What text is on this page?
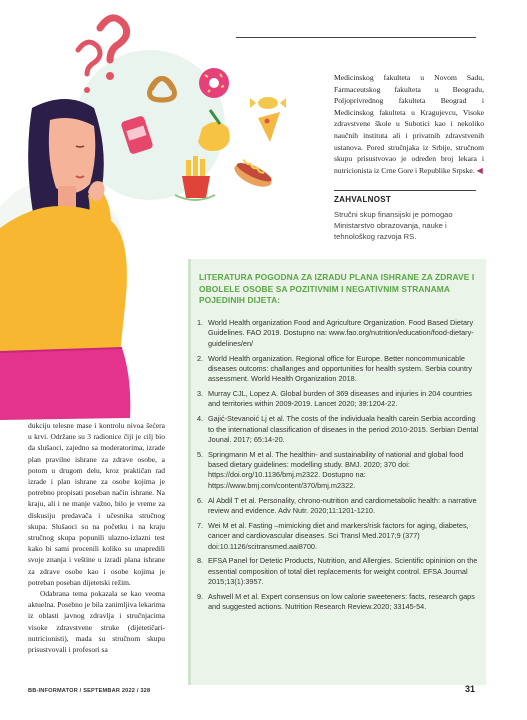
Medicinskog fakulteta u Novom Sadu, Farmaceutskog fakulteta u Beogradu, Poljoprivrednog fakulteta Beograd i Medicinskog fakulteta u Kragujevcu, Visoke zdravstvene škole u Subotici kao i nekoliko naučnih instituta ali i privatnih zdravstvenih ustanova. Pored stručnjaka iz Srbije, stručnom skupu prisustvovao je određen broj lekara i nutricionista iz Crne Gore i Republike Srpske. ◀
ZAHVALNOST
Stručni skup finansijski je pomogao Ministarstvo obrazovanja, nauke i tehnološkog razvoja RS.
LITERATURA POGODNA ZA IZRADU PLANA ISHRANE ZA ZDRAVE I OBOLELE OSOBE SA POZITIVNIM I NEGATIVNIM STRANAMA POJEDINIH DIJETA:
1. World Health organization Food and Agriculture Organization. Food Based Dietary Guidelines. FAO 2019. Dostupno na: www.fao.org/nutrition/education/food-dietary-guidelines/en/
2. World Health organization. Regional office for Europe. Better noncommunicable diseases outcoms: challanges and opportunities for health system. Serbia country assessment. World Health Organization 2018.
3. Murray CJL, Lopez A. Global burden of 369 diseases and injuries in 204 countries and territories within 2009-2019. Lancet 2020; 39:1204-22.
4. Gajić-Stevanoić Lj et al. The costs of the individuala health carein Serbia according to the international classification of diseaes in the period 2010-2015. Serbian Dental Jounal. 2017; 65:14-20.
5. Springmann M et al. The healthin- and sustainability of national and global food based dietary guidelines: modelling study. BMJ. 2020; 370 doi: https://doi.org/10.1136/bmj.m2322. Dostupno na: https://www.bmj.com/content/370/bmj.m2322.
6. Al Abdil T et al. Personality, chrono-nutrition and cardiometabolic health: a narrative review and evidence. Adv Nutr. 2020;11:1201-1210.
7. Wei M et al. Fasting –mimicking diet and markers/risk factors for aging, diabetes, cancer and cardiovascular diseases. Sci Transl Med.2017;9 (377) doi:10.1126/scitransmed.aai8700.
8. EFSA Panel for Detetic Products, Nutrition, and Allergies. Scientific opininion on the essential composition of total diet replacements for weight control. EFSA Journal 2015;13(1):3957.
9. Ashwell M et al. Expert consensus on low calorie sweeteners: facts, research gaps and suggested actions. Nutrition Research Review.2020; 33145-54.

dukciju telesne mase i kontrolu nivoa šećera u krvi. Održane su 3 radionice čiji je cilj bio da slušaoci, zajedno sa moderatorima, izrade plan pravilne ishrane za zdrave osobe, a potom u drugom delu, kroz praktičan rad izrade i plan ishrane za osobe kojima je potrebno propisati poseban način ishrane. Na kraju, ali i ne manje važno, bilo je vreme za diskusiju predavača i učesnika stručnog skupa. Slušaoci su na početku i na kraju stručnog skupa popunili ulazno-izlazni test kako bi sami procenili koliko su unapredili svoje znanja i veštine u izradi plana ishrane za zdrave osobe kao i osobe kojima je potreban poseban dijetetski režim.

Odabrana tema pokazala se kao veoma aktuelna. Posebno je bila zanimljiva lekarima iz oblasti javnog zdravlja i stručnjacima visoke zdravstvene struke (dijetetičari-nutricionisti), mada su stručnom skupu prisustvovali i profesori sa

BB-INFORMATOR / SEPTEMBAR 2022 / 328	31
